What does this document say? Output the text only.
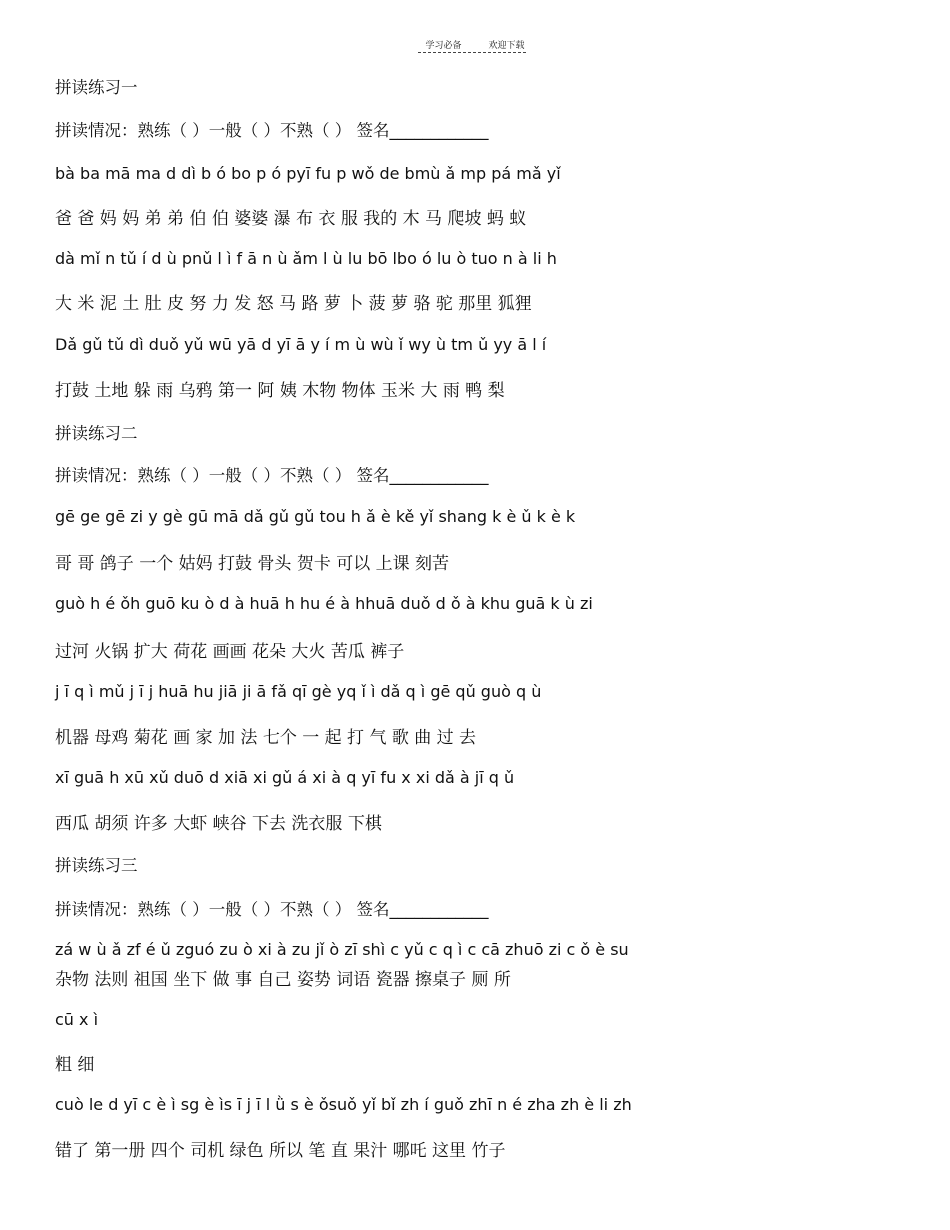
学习必备	欢迎下载
拼读练习一
拼读情况：熟练（ ）一般（ ）不熟（ ） 签名____________
bà ba mā ma d dì b ó bo p ó pyī fu p wǒ de bmù ǎ mp pá mǎ yǐ
爸 爸 妈 妈 弟 弟 伯 伯 婆婆 瀑 布 衣 服 我的 木 马 爬坡 蚂 蚁
dà mǐ n tǔ í d ù pnǔ l ì f ā n ù ǎm l ù lu bō lbo ó lu ò tuo n à li h
大 米 泥 土 肚 皮 努 力 发 怒 马 路 萝 卜 菠 萝 骆 驼 那里 狐狸
Dǎ gǔ tǔ dì duǒ yǔ wū yā d yī ā y í m ù wù ǐ wy ù tm ǔ yy ā l í
打鼓 土地 躲 雨 乌鸦 第一 阿 姨 木物 物体 玉米 大 雨 鸭 梨
拼读练习二
拼读情况：熟练（ ）一般（ ）不熟（ ） 签名____________
gē ge gē zi y gè gū mā dǎ gǔ gǔ tou h ǎ è kě yǐ shang k è ǔ k è k
哥 哥 鸽子 一个 姑妈 打鼓 骨头 贺卡 可以 上课 刻苦
guò h é ǒh guō ku ò d à huā h hu é à hhuā duǒ d ǒ à khu guā k ù zi
过河 火锅 扩大 荷花 画画 花朵 大火 苦瓜 裤子
j ī q ì mǔ j ī j huā hu jiā ji ā fǎ qī gè yq ǐ ì dǎ q ì gē qǔ guò q ù
机器 母鸡 菊花 画 家 加 法 七个 一 起 打 气 歌 曲 过 去
xī guā h xū xǔ duō d xiā xi gǔ á xi à q yī fu x xi dǎ à jī q ǔ
西瓜 胡须 许多 大虾 峡谷 下去 洗衣服 下棋
拼读练习三
拼读情况：熟练（ ）一般（ ）不熟（ ） 签名____________
zá w ù ǎ zf é ǔ zguó zu ò xi à zu jǐ ò zī shì c yǔ c q ì c cā zhuō zi c ǒ è su
杂物 法则 祖国 坐下 做 事 自己 姿势 词语 瓷器 擦桌子 厕 所
cū x ì
粗 细
cuò le d yī c è ì sg è ìs ī j ī l ǜ s è ǒsuǒ yǐ bǐ zh í guǒ zhī n é zha zh è li zh
错了 第一册 四个 司机 绿色 所以 笔 直 果汁 哪吒 这里 竹子
